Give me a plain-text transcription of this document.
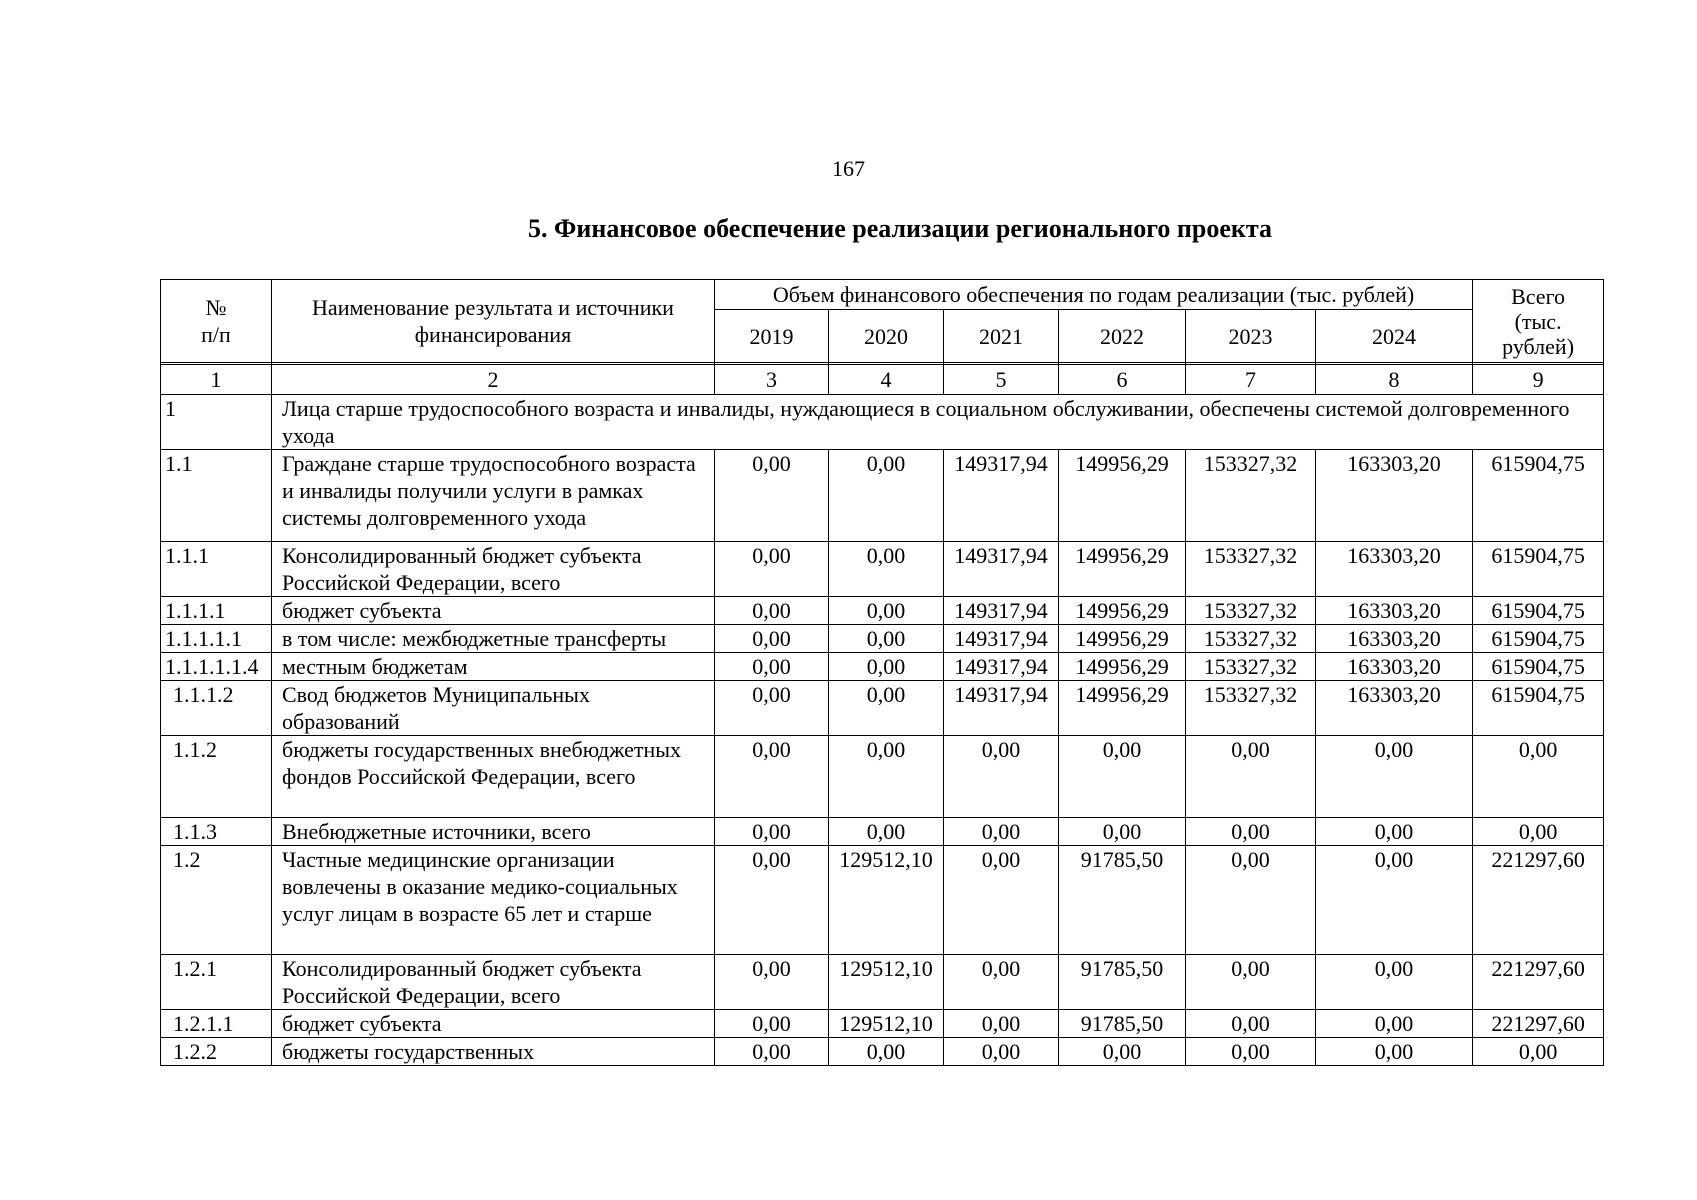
167
5. Финансовое обеспечение реализации регионального проекта
№
п/п	Наименование результата и источники финансирования	Объем финансового обеспечения по годам реализации (тыс. рублей)						Всего
(тыс.
рублей)
		2019	2020	2021	2022	2023	2024	

1	2	3	4	5	6	7	8	9
1	Лица старше трудоспособного возраста и инвалиды, нуждающиеся в социальном обслуживании, обеспечены системой долговременного ухода							
1.1	Граждане старше трудоспособного возраста и инвалиды получили услуги в рамках системы долговременного ухода	0,00	0,00	149317,94	149956,29	153327,32	163303,20	615904,75
1.1.1	Консолидированный бюджет субъекта Российской Федерации, всего	0,00	0,00	149317,94	149956,29	153327,32	163303,20	615904,75
1.1.1.1	бюджет субъекта	0,00	0,00	149317,94	149956,29	153327,32	163303,20	615904,75
1.1.1.1.1	в том числе: межбюджетные трансферты	0,00	0,00	149317,94	149956,29	153327,32	163303,20	615904,75
1.1.1.1.1.4	местным бюджетам	0,00	0,00	149317,94	149956,29	153327,32	163303,20	615904,75
1.1.1.2	Свод бюджетов Муниципальных образований	0,00	0,00	149317,94	149956,29	153327,32	163303,20	615904,75
1.1.2	бюджеты государственных внебюджетных фондов Российской Федерации, всего	0,00	0,00	0,00	0,00	0,00	0,00	0,00
1.1.3	Внебюджетные источники, всего	0,00	0,00	0,00	0,00	0,00	0,00	0,00
1.2	Частные медицинские организации вовлечены в оказание медико-социальных услуг лицам в возрасте 65 лет и старше	0,00	129512,10	0,00	91785,50	0,00	0,00	221297,60
1.2.1	Консолидированный бюджет субъекта Российской Федерации, всего	0,00	129512,10	0,00	91785,50	0,00	0,00	221297,60
1.2.1.1	бюджет субъекта	0,00	129512,10	0,00	91785,50	0,00	0,00	221297,60
1.2.2	бюджеты государственных	0,00	0,00	0,00	0,00	0,00	0,00	0,00
